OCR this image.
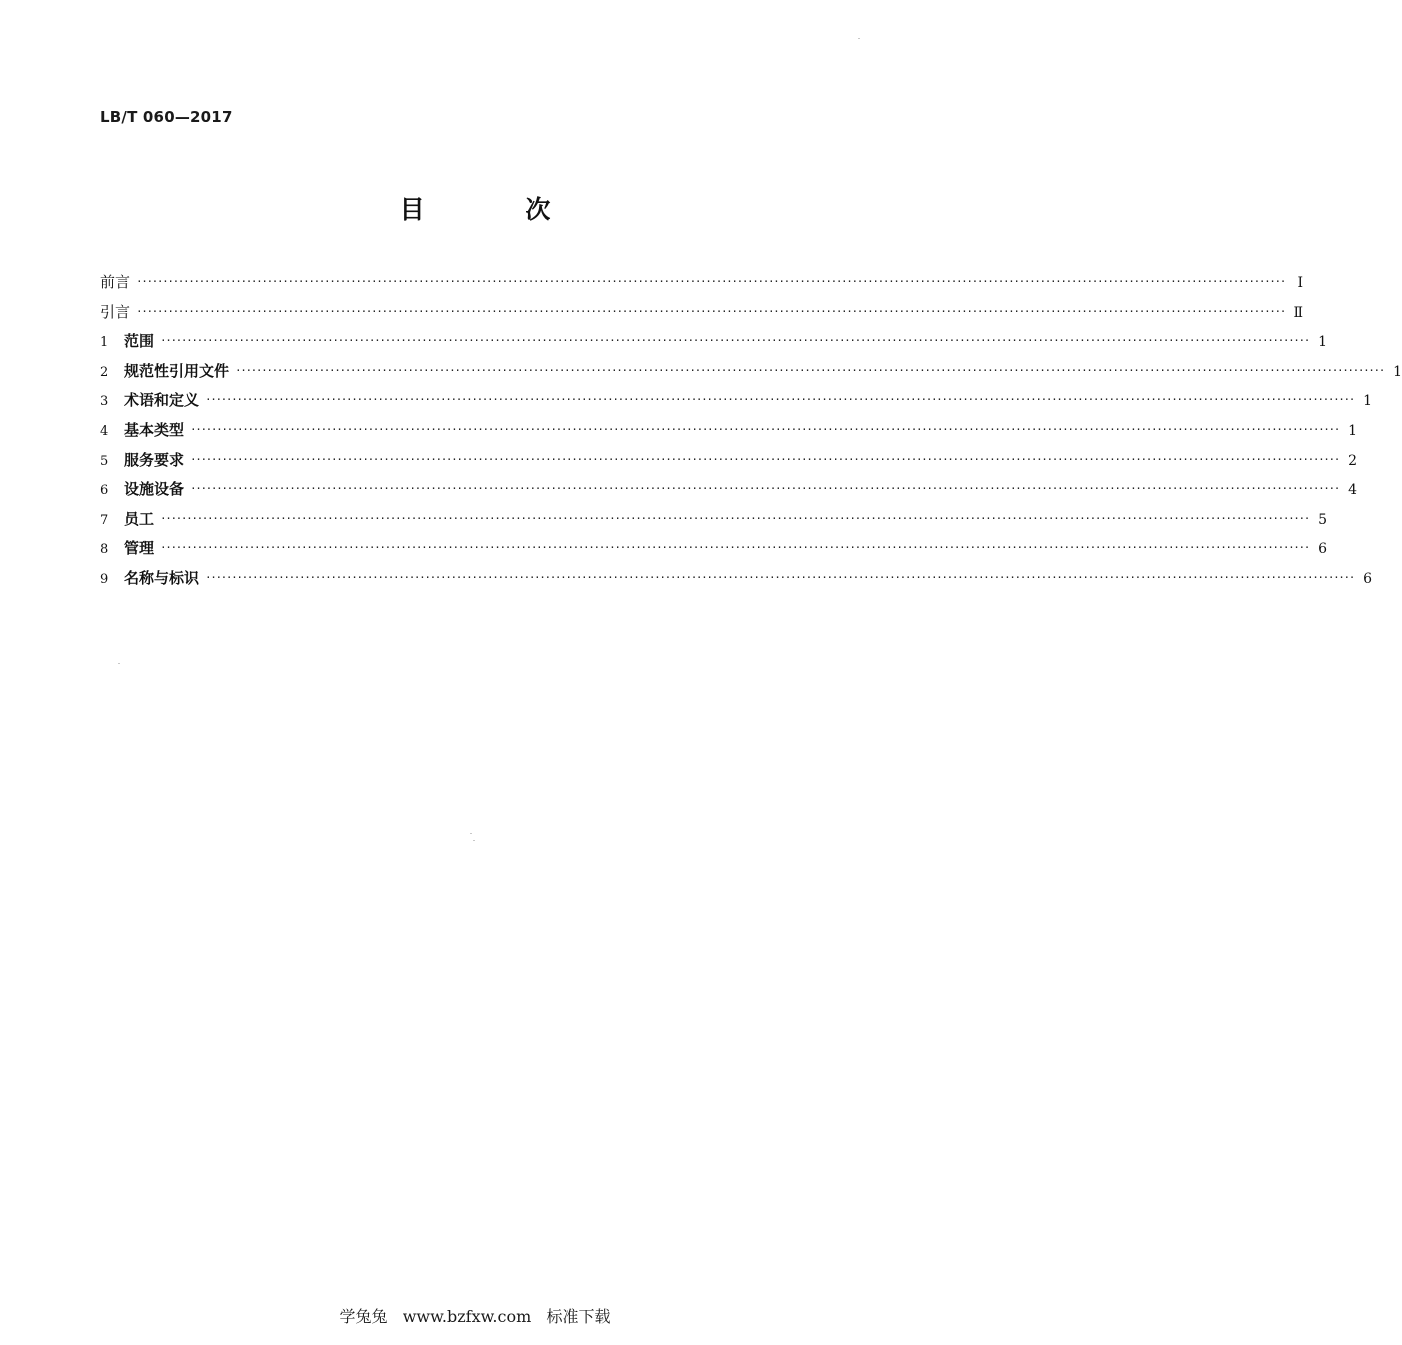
LB/T 060—2017
目 次
前言 ···························································································································································································································· Ⅰ
引言 ···························································································································································································································· Ⅱ
1	范围 ···························································································································································································································· 1
2	规范性引用文件 ···························································································································································································································· 1
3	术语和定义 ···························································································································································································································· 1
4	基本类型 ···························································································································································································································· 1
5	服务要求 ···························································································································································································································· 2
6	设施设备 ···························································································································································································································· 4
7	员工 ···························································································································································································································· 5
8	管理 ···························································································································································································································· 6
9	名称与标识 ···························································································································································································································· 6
学兔兔 www.bzfxw.com 标准下载
